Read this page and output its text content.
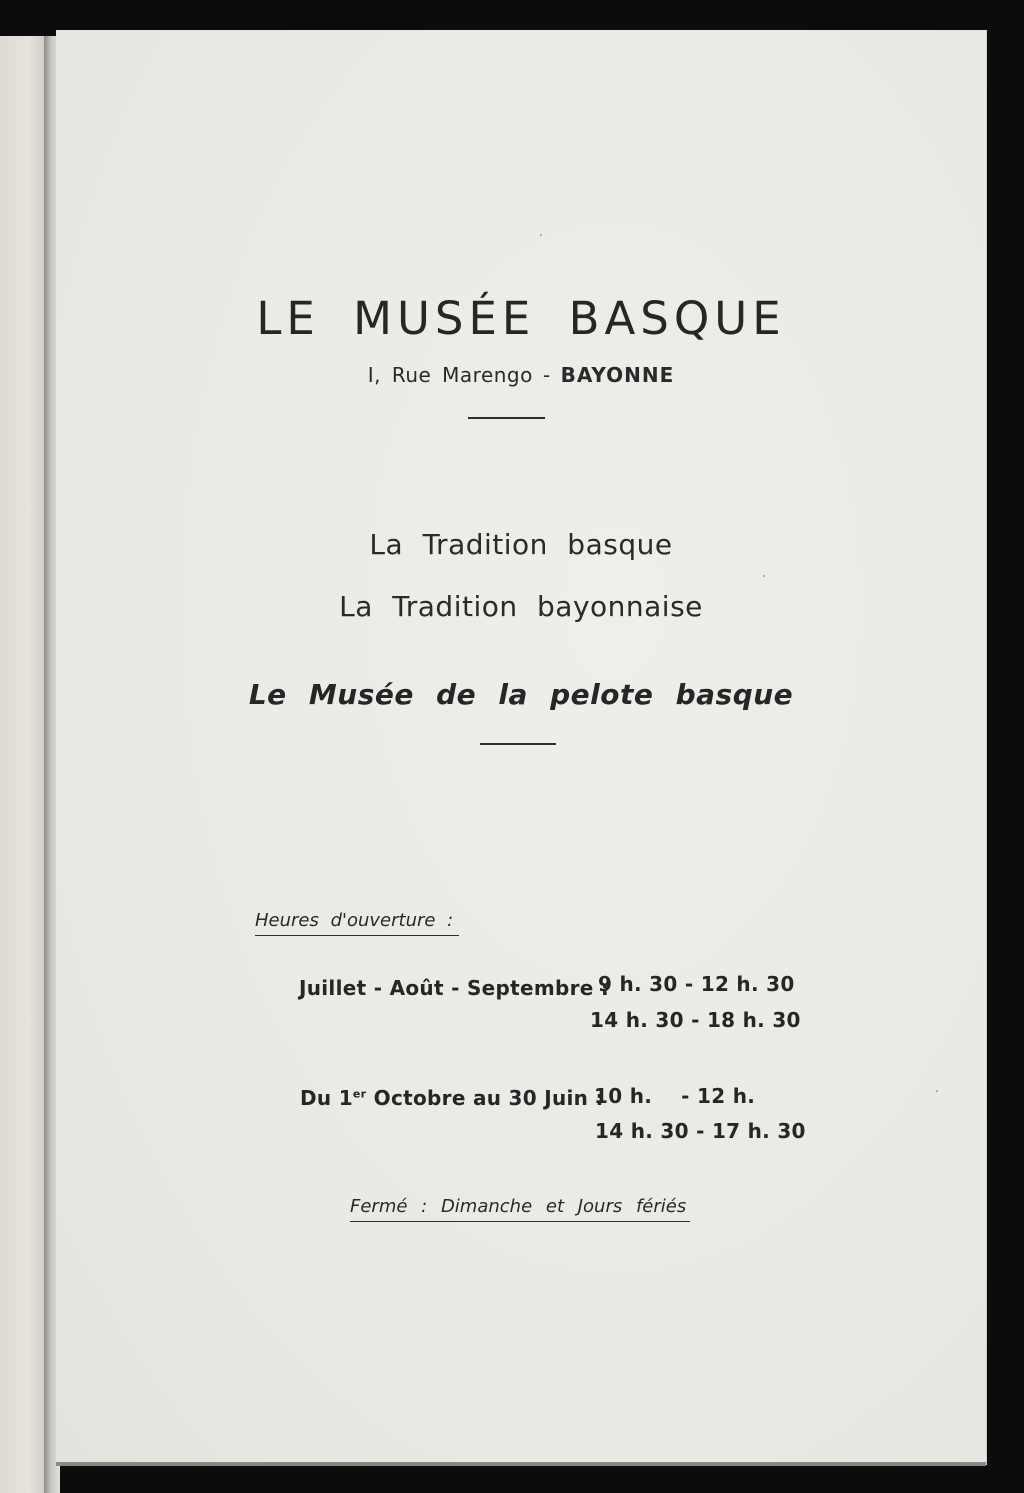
LE MUSÉE BASQUE
I, Rue Marengo - BAYONNE
La Tradition basque
La Tradition bayonnaise
Le Musée de la pelote basque
Heures d'ouverture :
Juillet - Août - Septembre :
9 h. 30 - 12 h. 30
14 h. 30 - 18 h. 30
Du 1er Octobre au 30 Juin :
10 h.    - 12 h.
14 h. 30 - 17 h. 30
Fermé : Dimanche et Jours fériés
